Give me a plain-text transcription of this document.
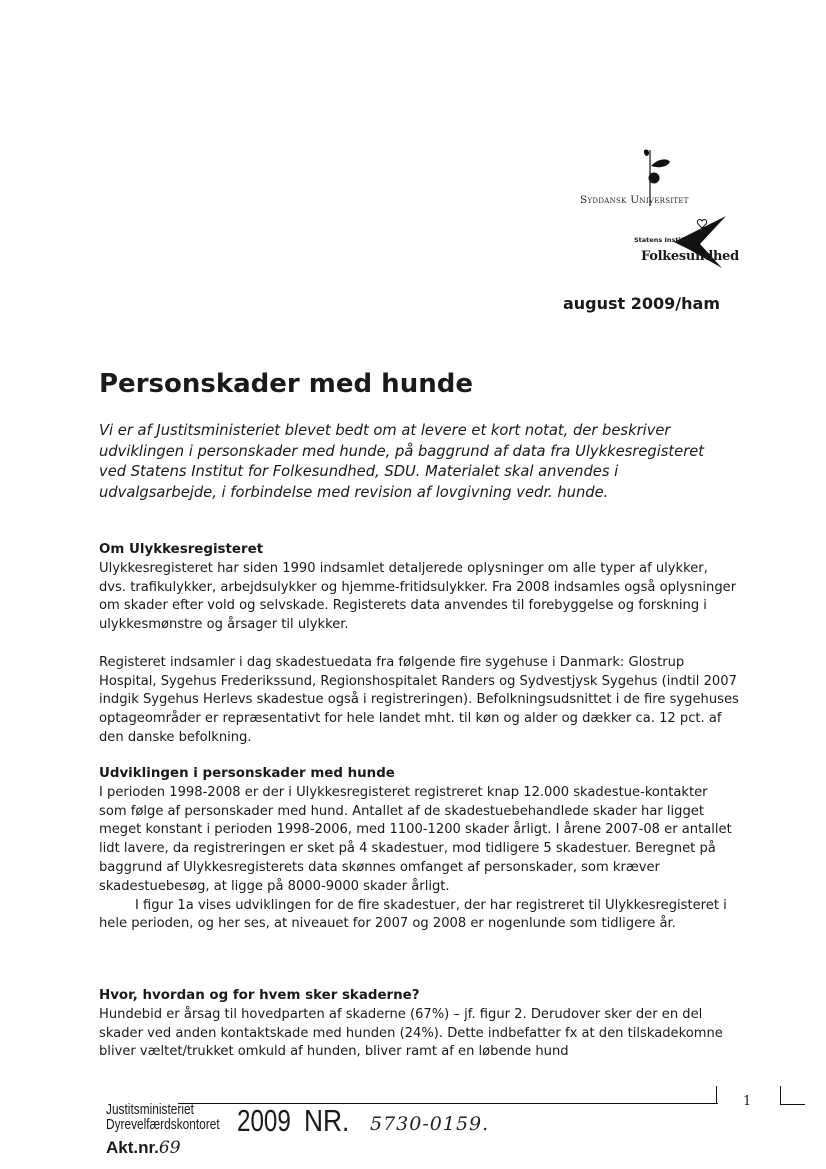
Syddansk Universitet
Statens Institut
Folkesundhed
august 2009/ham
Personskader med hunde

Vi er af Justitsministeriet blevet bedt om at levere et kort notat, der beskriver udviklingen i personskader med hunde, på baggrund af data fra Ulykkesregisteret ved Statens Institut for Folkesundhed, SDU. Materialet skal anvendes i udvalgsarbejde, i forbindelse med revision af lovgivning vedr. hunde.

Om Ulykkesregisteret

Ulykkesregisteret har siden 1990 indsamlet detaljerede oplysninger om alle typer af ulykker, dvs. trafikulykker, arbejdsulykker og hjemme-fritidsulykker. Fra 2008 indsamles også oplysninger om skader efter vold og selvskade. Registerets data anvendes til forebyggelse og forskning i ulykkesmønstre og årsager til ulykker.

Registeret indsamler i dag skadestuedata fra følgende fire sygehuse i Danmark: Glostrup Hospital, Sygehus Frederikssund, Regionshospitalet Randers og Sydvestjysk Sygehus (indtil 2007 indgik Sygehus Herlevs skadestue også i registreringen). Befolkningsudsnittet i de fire sygehuses optageområder er repræsentativt for hele landet mht. til køn og alder og dækker ca. 12 pct. af den danske befolkning.

Udviklingen i personskader med hunde

I perioden 1998-2008 er der i Ulykkesregisteret registreret knap 12.000 skadestue-kontakter som følge af personskader med hund. Antallet af de skadestuebehandlede skader har ligget meget konstant i perioden 1998-2006, med 1100-1200 skader årligt. I årene 2007-08 er antallet lidt lavere, da registreringen er sket på 4 skadestuer, mod tidligere 5 skadestuer. Beregnet på baggrund af Ulykkesregisterets data skønnes omfanget af personskader, som kræver skadestuebesøg, at ligge på 8000-9000 skader årligt.

I figur 1a vises udviklingen for de fire skadestuer, der har registreret til Ulykkesregisteret i hele perioden, og her ses, at niveauet for 2007 og 2008 er nogenlunde som tidligere år.

Hvor, hvordan og for hvem sker skaderne?

Hundebid er årsag til hovedparten af skaderne (67%) – jf. figur 2. Derudover sker der en del skader ved anden kontaktskade med hunden (24%). Dette indbefatter fx at den tilskadekomne bliver væltet/trukket omkuld af hunden, bliver ramt af en løbende hund

1
Justitsministeriet
Dyrevelfærdskontoret 2009 NR. 5730-0159.
Akt.nr.69
